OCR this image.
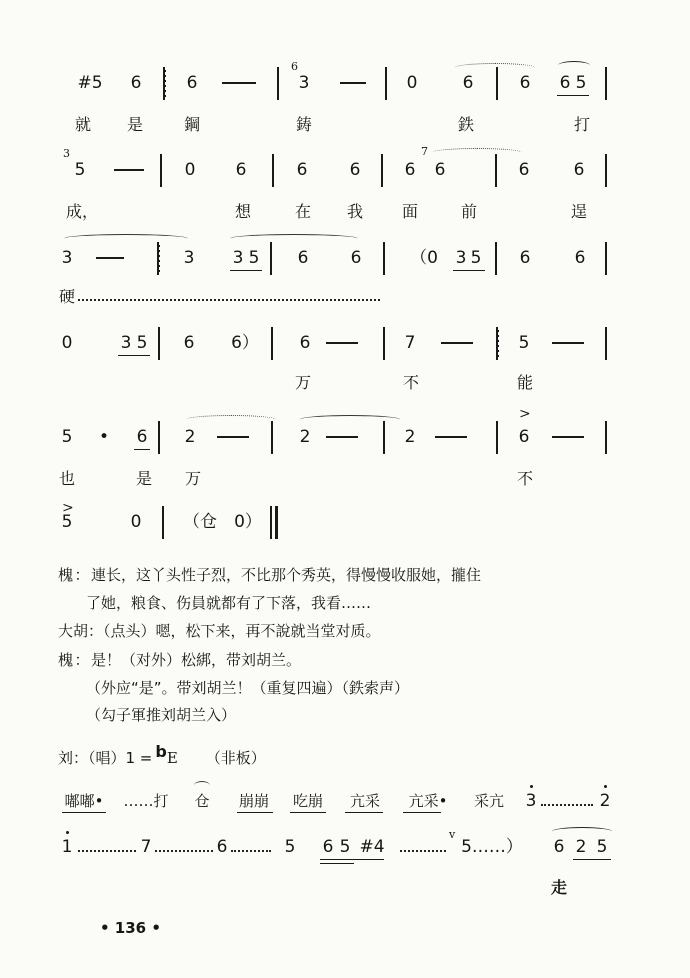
#5 6	6
6
3	0	6	6 6 5
就 是	鋼	鋳	鉄	打
3
5	0 6	6 6	6
7
6	6	6
成，	想	在 我 面	前	逞
3	3 3 5 6 6	（0 3 5 6	6
硬
0	3 5 6 6） 6	7	5
万	不	能
5 • 6 2	2	2
>
6
也	是 万	不
>
5	0 （仓 0）
槐： 連长，这丫头性子烈，不比那个秀英，得慢慢收服她，攏住
了她，粮食、伤員就都有了下落，我看……
大胡：（点头）嗯，松下来，再不說就当堂对质。
槐： 是！（对外）松綁，带刘胡兰。
（外应“是”。带刘胡兰！（重复四遍）（鉄索声）
（勾子軍推刘胡兰入）
刘：（唱）1 = $^b$E （非板）
嘟嘟• ……打 仓 崩崩 吃崩 亢采 亢采• 采亢 3	2
1	7	6	5 6 5 #4
v
5……） 6 2 5
走
• 136 •
